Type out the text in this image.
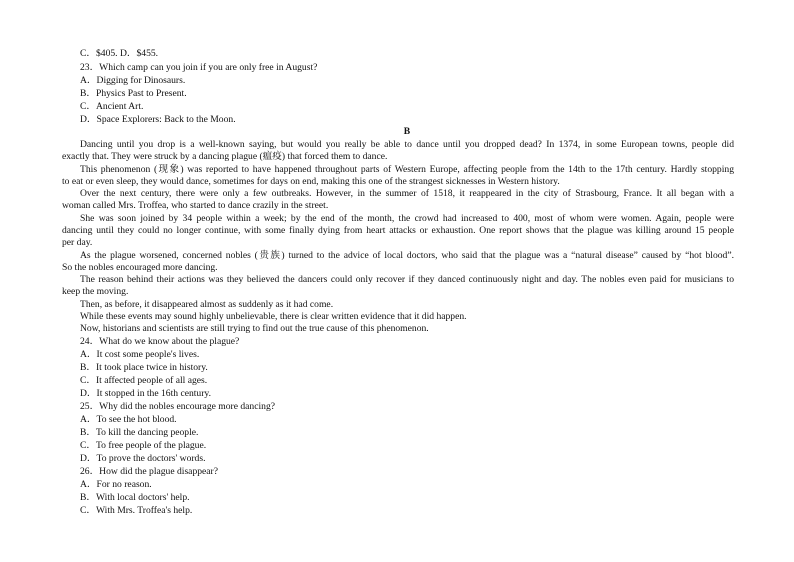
C．$405. D．$455.
23．Which camp can you join if you are only free in August?
A．Digging for Dinosaurs.
B．Physics Past to Present.
C．Ancient Art.
D．Space Explorers: Back to the Moon.
B
Dancing until you drop is a well-known saying, but would you really be able to dance until you dropped dead? In 1374, in some European towns, people did
exactly that. They were struck by a dancing plague (瘟疫) that forced them to dance.
This phenomenon (现象) was reported to have happened throughout parts of Western Europe, affecting people from the 14th to the 17th century. Hardly stopping
to eat or even sleep, they would dance, sometimes for days on end, making this one of the strangest sicknesses in Western history.
Over the next century, there were only a few outbreaks. However, in the summer of 1518, it reappeared in the city of Strasbourg, France. It all began with a
woman called Mrs. Troffea, who started to dance crazily in the street.
She was soon joined by 34 people within a week; by the end of the month, the crowd had increased to 400, most of whom were women. Again, people were
dancing until they could no longer continue, with some finally dying from heart attacks or exhaustion. One report shows that the plague was killing around 15 people
per day.
As the plague worsened, concerned nobles (贵族) turned to the advice of local doctors, who said that the plague was a “natural disease” caused by “hot blood”.
So the nobles encouraged more dancing.
The reason behind their actions was they believed the dancers could only recover if they danced continuously night and day. The nobles even paid for musicians to
keep the moving.
Then, as before, it disappeared almost as suddenly as it had come.
While these events may sound highly unbelievable, there is clear written evidence that it did happen.
Now, historians and scientists are still trying to find out the true cause of this phenomenon.
24．What do we know about the plague?
A．It cost some people's lives.
B．It took place twice in history.
C．It affected people of all ages.
D．It stopped in the 16th century.
25．Why did the nobles encourage more dancing?
A．To see the hot blood.
B．To kill the dancing people.
C．To free people of the plague.
D．To prove the doctors' words.
26．How did the plague disappear?
A．For no reason.
B．With local doctors' help.
C．With Mrs. Troffea's help.
